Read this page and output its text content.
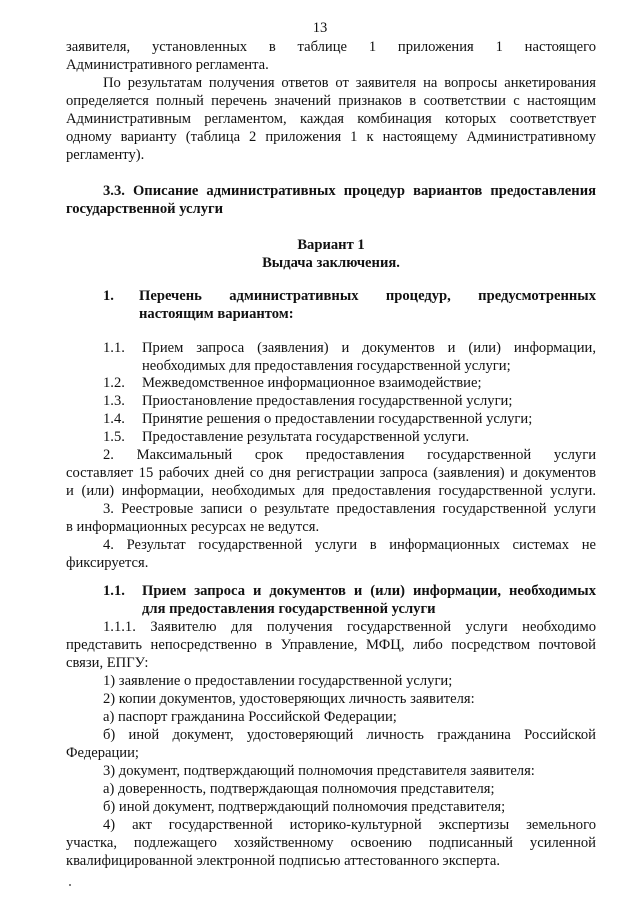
13
заявителя, установленных в таблице 1 приложения 1 настоящего
Административного регламента.
По результатам получения ответов от заявителя на вопросы анкетирования
определяется полный перечень значений признаков в соответствии с настоящим
Административным регламентом, каждая комбинация которых соответствует
одному варианту (таблица 2 приложения 1 к настоящему Административному
регламенту).
3.3. Описание административных процедур вариантов предоставления
государственной услуги
Вариант 1
Выдача заключения.
1. Перечень административных процедур, предусмотренных
настоящим вариантом:
1.1. Прием запроса (заявления) и документов и (или) информации,
необходимых для предоставления государственной услуги;
1.2. Межведомственное информационное взаимодействие;
1.3. Приостановление предоставления государственной услуги;
1.4. Принятие решения о предоставлении государственной услуги;
1.5. Предоставление результата государственной услуги.
2. Максимальный срок предоставления государственной услуги
составляет 15 рабочих дней со дня регистрации запроса (заявления) и документов
и (или) информации, необходимых для предоставления государственной услуги.
3. Реестровые записи о результате предоставления государственной услуги
в информационных ресурсах не ведутся.
4. Результат государственной услуги в информационных системах не
фиксируется.
1.1. Прием запроса и документов и (или) информации, необходимых
для предоставления государственной услуги
1.1.1. Заявителю для получения государственной услуги необходимо
представить непосредственно в Управление, МФЦ, либо посредством почтовой
связи, ЕПГУ:
1) заявление о предоставлении государственной услуги;
2) копии документов, удостоверяющих личность заявителя:
а) паспорт гражданина Российской Федерации;
б) иной документ, удостоверяющий личность гражданина Российской
Федерации;
3) документ, подтверждающий полномочия представителя заявителя:
а) доверенность, подтверждающая полномочия представителя;
б) иной документ, подтверждающий полномочия представителя;
4) акт государственной историко-культурной экспертизы земельного
участка, подлежащего хозяйственному освоению подписанный усиленной
квалифицированной электронной подписью аттестованного эксперта.
